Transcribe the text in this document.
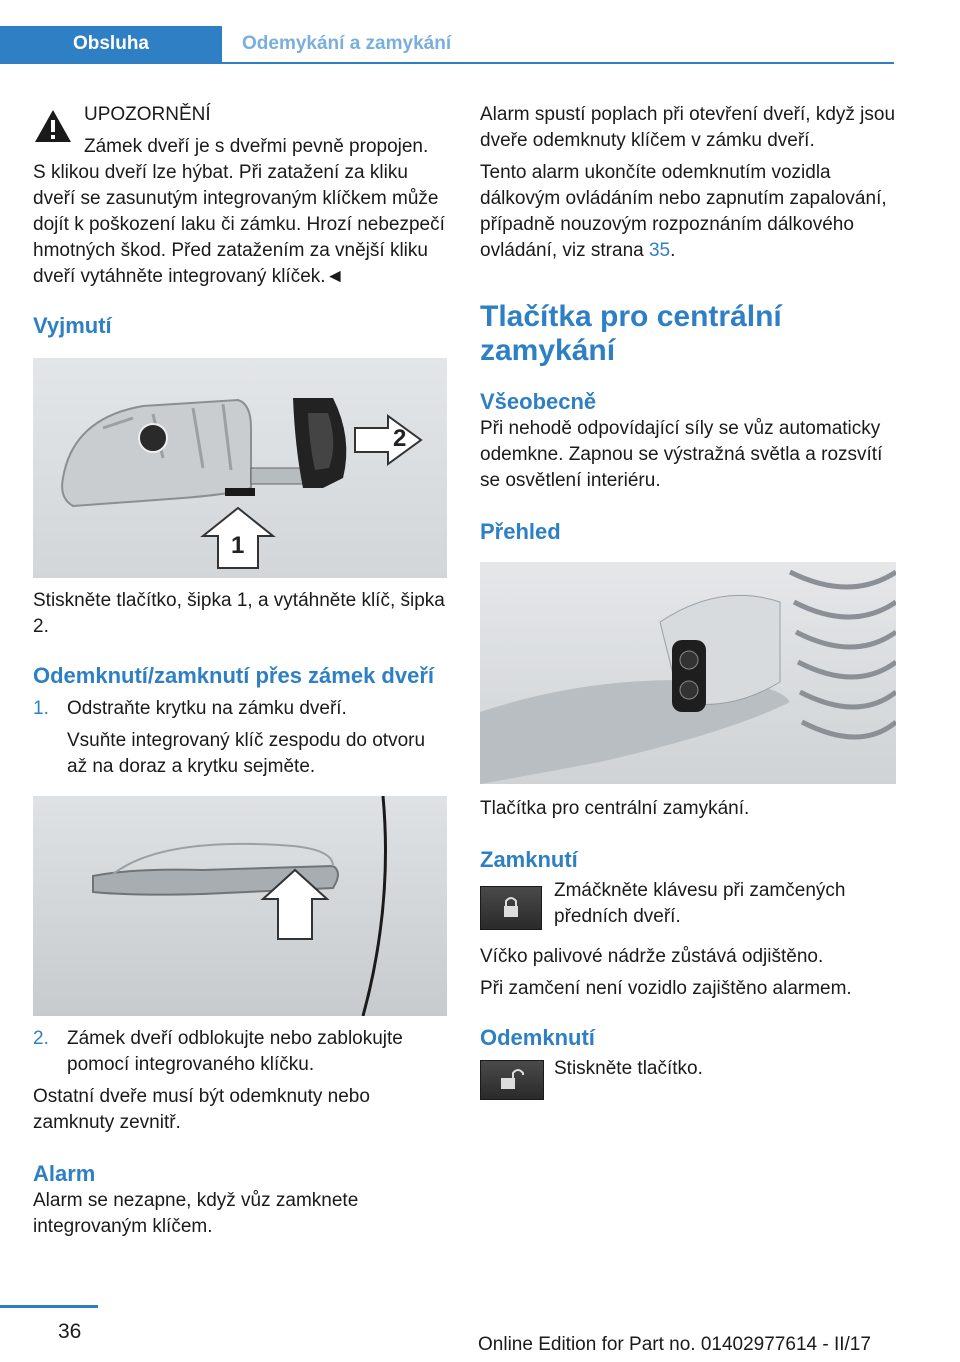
Obsluha	Odemykání a zamykání

UPOZORNĚNÍ

Zámek dveří je s dveřmi pevně propojen.

S klikou dveří lze hýbat. Při zatažení za kliku dveří se zasunutým integrovaným klíčkem může dojít k poškození laku či zámku. Hrozí nebezpečí hmotných škod. Před zatažením za vnější kliku dveří vytáhněte integrovaný klíček.◄

Vyjmutí
2
1

Stiskněte tlačítko, šipka 1, a vytáhněte klíč, šipka 2.

Odemknutí/zamknutí přes zámek dveří
1. Odstraňte krytku na zámku dveří.

Vsuňte integrovaný klíč zespodu do otvoru až na doraz a krytku sejměte.

2. Zámek dveří odblokujte nebo zablokujte pomocí integrovaného klíčku.

Ostatní dveře musí být odemknuty nebo zamknuty zevnitř.

Alarm

Alarm se nezapne, když vůz zamknete integrovaným klíčem.

Alarm spustí poplach při otevření dveří, když jsou dveře odemknuty klíčem v zámku dveří.

Tento alarm ukončíte odemknutím vozidla dálkovým ovládáním nebo zapnutím zapalování, případně nouzovým rozpoznáním dálkového ovládání, viz strana 35.

Tlačítka pro centrální zamykání
Všeobecně

Při nehodě odpovídající síly se vůz automaticky odemkne. Zapnou se výstražná světla a rozsvítí se osvětlení interiéru.

Přehled

Tlačítka pro centrální zamykání.

Zamknutí

Zmáčkněte klávesu při zamčených předních dveří.

Víčko palivové nádrže zůstává odjištěno.

Při zamčení není vozidlo zajištěno alarmem.

Odemknutí

Stiskněte tlačítko.

36
Online Edition for Part no. 01402977614 - II/17
